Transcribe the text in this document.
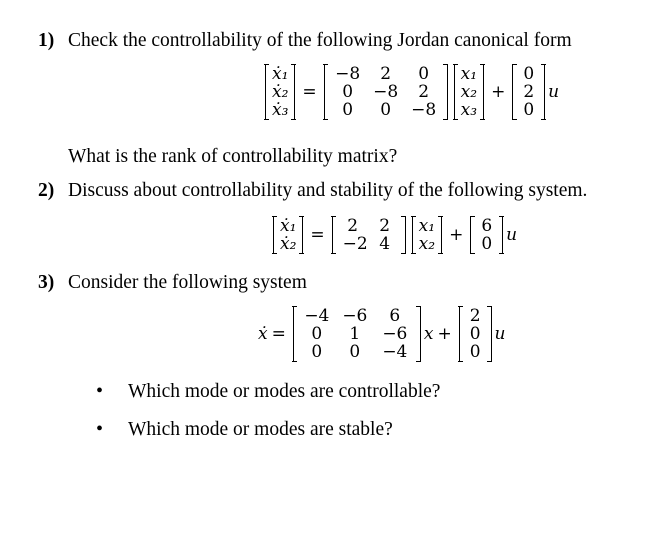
1) Check the controllability of the following Jordan canonical form
ẋ₁
ẋ₂
ẋ₃
=
−8	2	0
0	−8	2
0	0	−8
x₁
x₂
x₃
+
0
2
0
u
What is the rank of controllability matrix?
2) Discuss about controllability and stability of the following system.
ẋ₁
ẋ₂ =	2	2
−2 4
x₁
x₂ +	6
0 u
3) Consider the following system
ẋ =
−4 −6	6
0	1	−6
0	0	−4
x +
2
0
0
u
• Which mode or modes are controllable?
• Which mode or modes are stable?
